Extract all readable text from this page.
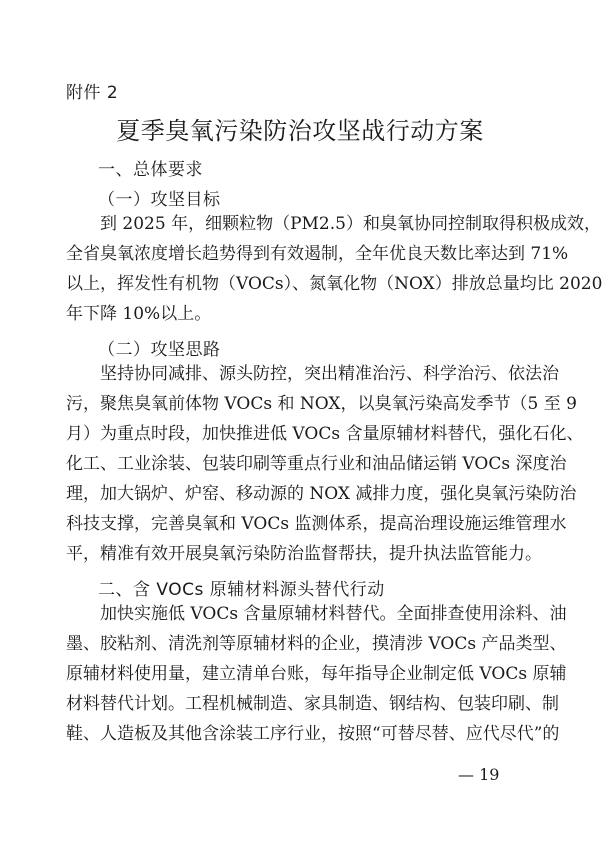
附件 2
夏季臭氧污染防治攻坚战行动方案
一、总体要求
（一）攻坚目标
到 2025 年，细颗粒物（PM2.5）和臭氧协同控制取得积极成效，
全省臭氧浓度增长趋势得到有效遏制，全年优良天数比率达到 71%
以上，挥发性有机物（VOCs）、氮氧化物（NOX）排放总量均比 2020
年下降 10%以上。
（二）攻坚思路
坚持协同减排、源头防控，突出精准治污、科学治污、依法治
污，聚焦臭氧前体物 VOCs 和 NOX，以臭氧污染高发季节（5 至 9
月）为重点时段，加快推进低 VOCs 含量原辅材料替代，强化石化、
化工、工业涂装、包装印刷等重点行业和油品储运销 VOCs 深度治
理，加大锅炉、炉窑、移动源的 NOX 减排力度，强化臭氧污染防治
科技支撑，完善臭氧和 VOCs 监测体系，提高治理设施运维管理水
平，精准有效开展臭氧污染防治监督帮扶，提升执法监管能力。
二、含 VOCs 原辅材料源头替代行动
加快实施低 VOCs 含量原辅材料替代。全面排查使用涂料、油
墨、胶粘剂、清洗剂等原辅材料的企业，摸清涉 VOCs 产品类型、
原辅材料使用量，建立清单台账，每年指导企业制定低 VOCs 原辅
材料替代计划。工程机械制造、家具制造、钢结构、包装印刷、制
鞋、人造板及其他含涂装工序行业，按照“可替尽替、应代尽代”的
— 19
